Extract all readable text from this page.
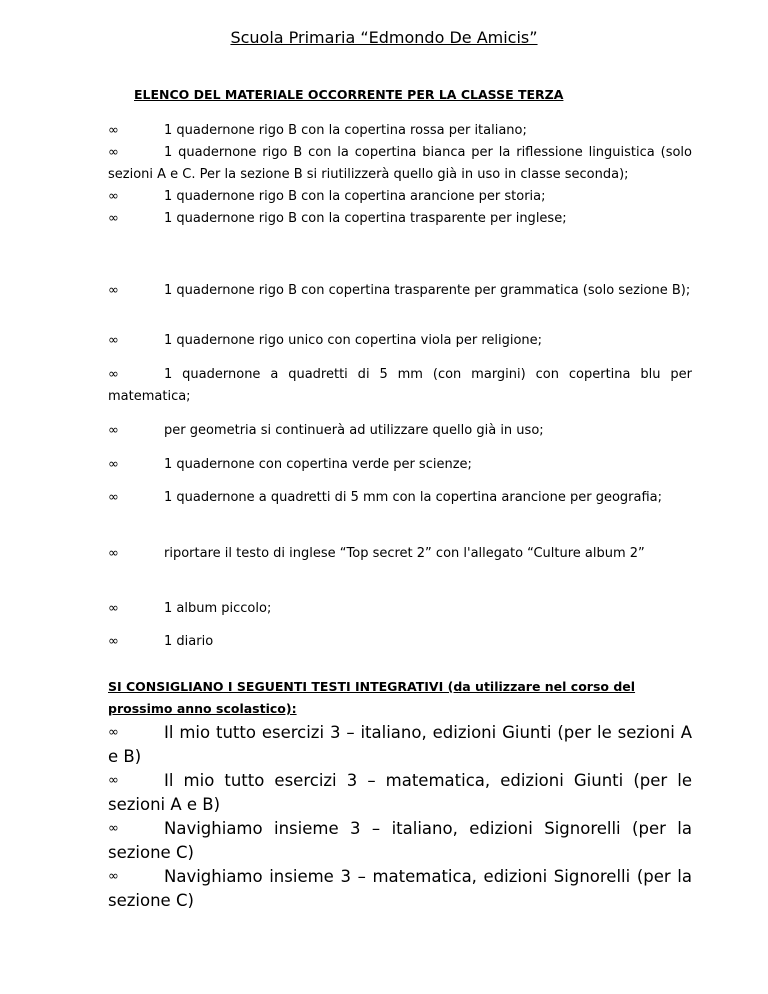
Scuola Primaria “Edmondo De Amicis”
ELENCO DEL MATERIALE OCCORRENTE PER LA CLASSE TERZA
∞	1 quadernone rigo B con la copertina rossa per italiano;
∞	1 quadernone rigo B con la copertina bianca per la riflessione linguistica (solo sezioni A e C. Per la sezione B si riutilizzerà quello già in uso in classe seconda);
∞	1 quadernone rigo B con la copertina arancione per storia;
∞	1 quadernone rigo B con la copertina trasparente per inglese;
∞	1 quadernone rigo B con copertina trasparente per grammatica (solo sezione B);
∞	1 quadernone rigo unico con copertina viola per religione;
∞	1 quadernone a quadretti di 5 mm (con margini) con copertina blu per matematica;
∞	per geometria si continuerà ad utilizzare quello già in uso;
∞	1 quadernone con copertina verde per scienze;
∞	1 quadernone a quadretti di 5 mm con la copertina arancione per geografia;
∞	riportare il testo di inglese “Top secret 2” con l'allegato “Culture album 2”
∞	1 album piccolo;
∞	1 diario
SI CONSIGLIANO I SEGUENTI TESTI INTEGRATIVI (da utilizzare nel corso del prossimo anno scolastico):
∞	Il mio tutto esercizi 3 – italiano, edizioni Giunti (per le sezioni A e B)
∞	Il mio tutto esercizi 3 – matematica, edizioni Giunti (per le sezioni A e B)
∞	Navighiamo insieme 3 – italiano, edizioni Signorelli (per la sezione C)
∞	Navighiamo insieme 3 – matematica, edizioni Signorelli (per la sezione C)
